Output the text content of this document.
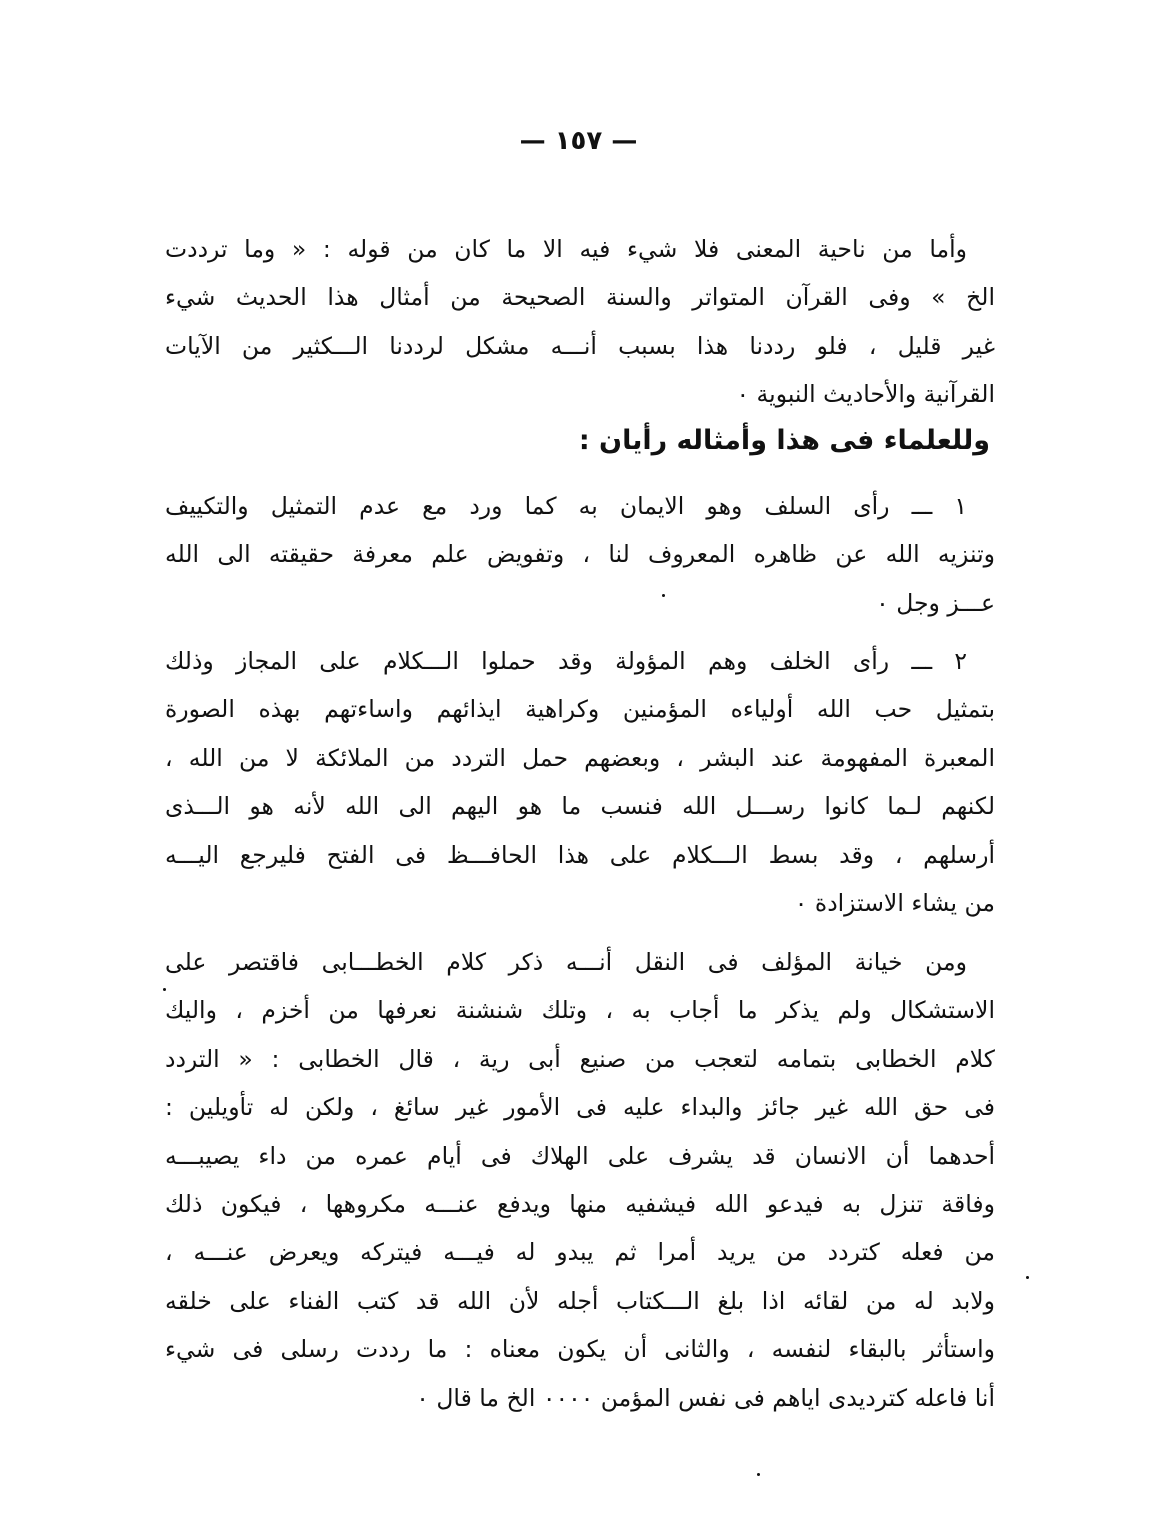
— ١٥٧ —
وأما من ناحية المعنى فلا شيء فيه الا ما كان من قوله : « وما ترددت
الخ » وفى القرآن المتواتر والسنة الصحيحة من أمثال هذا الحديث شيء
غير قليل ، فلو رددنا هذا بسبب أنـــه مشكل لرددنا الـــكثير من الآيات
القرآنية والأحاديث النبوية ٠
وللعلماء فى هذا وأمثاله رأيان :
١ ـــ رأى السلف وهو الايمان به كما ورد مع عدم التمثيل والتكييف
وتنزيه الله عن ظاهره المعروف لنا ، وتفويض علم معرفة حقيقته الى الله
عـــز وجل ٠
٢ ـــ رأى الخلف وهم المؤولة وقد حملوا الـــكلام على المجاز وذلك
بتمثيل حب الله أولياءه المؤمنين وكراهية ايذائهم واساءتهم بهذه الصورة
المعبرة المفهومة عند البشر ، وبعضهم حمل التردد من الملائكة لا من الله ،
لكنهم لـما كانوا رســـل الله فنسب ما هو اليهم الى الله لأنه هو الـــذى
أرسلهم ، وقد بسط الـــكلام على هذا الحافـــظ فى الفتح فليرجع اليـــه
من يشاء الاستزادة ٠
ومن خيانة المؤلف فى النقل أنـــه ذكر كلام الخطـــابى فاقتصر على
الاستشكال ولم يذكر ما أجاب به ، وتلك شنشنة نعرفها من أخزم ، واليك
كلام الخطابى بتمامه لتعجب من صنيع أبى رية ، قال الخطابى : « التردد
فى حق الله غير جائز والبداء عليه فى الأمور غير سائغ ، ولكن له تأويلين :
أحدهما أن الانسان قد يشرف على الهلاك فى أيام عمره من داء يصيبـــه
وفاقة تنزل به فيدعو الله فيشفيه منها ويدفع عنـــه مكروهها ، فيكون ذلك
من فعله كتردد من يريد أمرا ثم يبدو له فيـــه فيتركه ويعرض عنـــه ،
ولابد له من لقائه اذا بلغ الـــكتاب أجله لأن الله قد كتب الفناء على خلقه
واستأثر بالبقاء لنفسه ، والثانى أن يكون معناه : ما رددت رسلى فى شيء
أنا فاعله كترديدى اياهم فى نفس المؤمن ٠٠٠٠ الخ ما قال ٠
